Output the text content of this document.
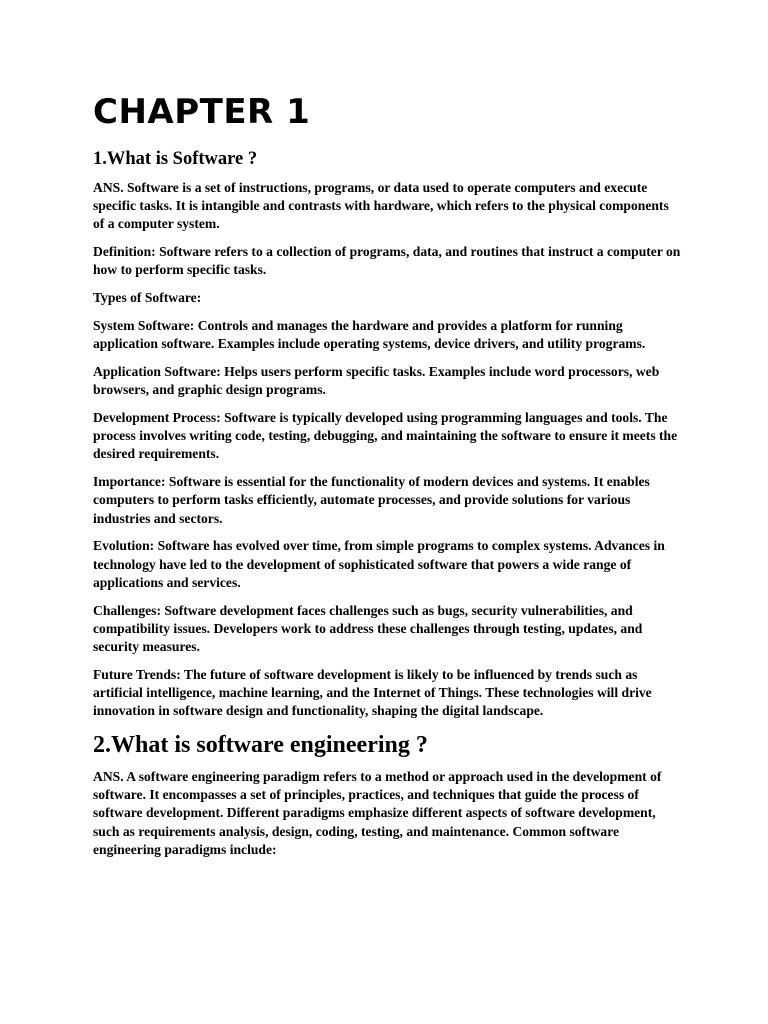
CHAPTER 1
1.What is Software ?

ANS. Software is a set of instructions, programs, or data used to operate computers and execute specific tasks. It is intangible and contrasts with hardware, which refers to the physical components of a computer system.

Definition: Software refers to a collection of programs, data, and routines that instruct a computer on how to perform specific tasks.

Types of Software:

System Software: Controls and manages the hardware and provides a platform for running application software. Examples include operating systems, device drivers, and utility programs.

Application Software: Helps users perform specific tasks. Examples include word processors, web browsers, and graphic design programs.

Development Process: Software is typically developed using programming languages and tools. The process involves writing code, testing, debugging, and maintaining the software to ensure it meets the desired requirements.

Importance: Software is essential for the functionality of modern devices and systems. It enables computers to perform tasks efficiently, automate processes, and provide solutions for various industries and sectors.

Evolution: Software has evolved over time, from simple programs to complex systems. Advances in technology have led to the development of sophisticated software that powers a wide range of applications and services.

Challenges: Software development faces challenges such as bugs, security vulnerabilities, and compatibility issues. Developers work to address these challenges through testing, updates, and security measures.

Future Trends: The future of software development is likely to be influenced by trends such as artificial intelligence, machine learning, and the Internet of Things. These technologies will drive innovation in software design and functionality, shaping the digital landscape.

2.What is software engineering ?

ANS. A software engineering paradigm refers to a method or approach used in the development of software. It encompasses a set of principles, practices, and techniques that guide the process of software development. Different paradigms emphasize different aspects of software development, such as requirements analysis, design, coding, testing, and maintenance. Common software engineering paradigms include:
